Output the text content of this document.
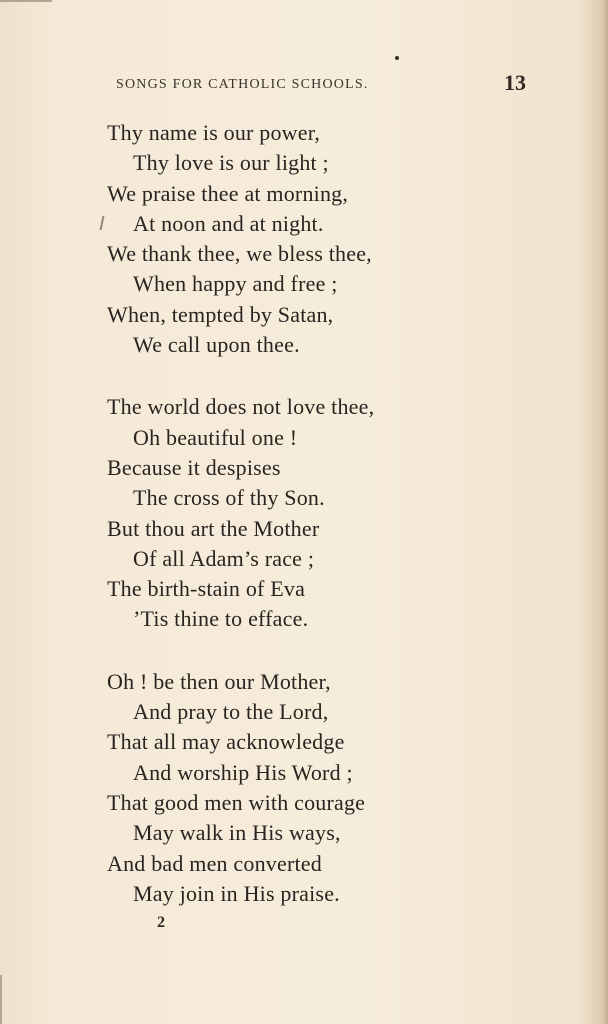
SONGS FOR CATHOLIC SCHOOLS.	13
Thy name is our power,
Thy love is our light ;
We praise thee at morning,
At noon and at night.
We thank thee, we bless thee,
When happy and free ;
When, tempted by Satan,
We call upon thee.
The world does not love thee,
Oh beautiful one !
Because it despises
The cross of thy Son.
But thou art the Mother
Of all Adam’s race ;
The birth-stain of Eva
’Tis thine to efface.
Oh ! be then our Mother,
And pray to the Lord,
That all may acknowledge
And worship His Word ;
That good men with courage
May walk in His ways,
And bad men converted
May join in His praise.
2
